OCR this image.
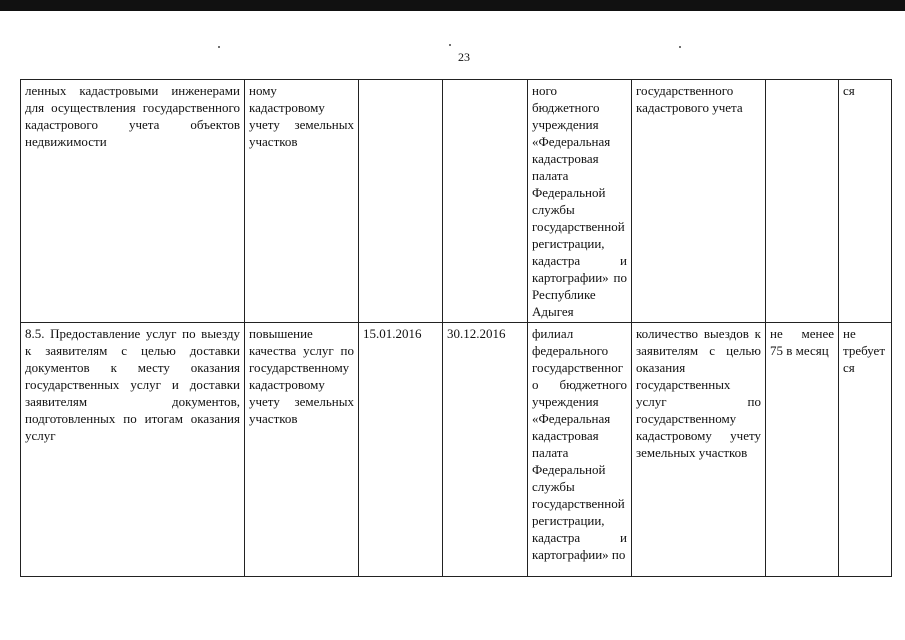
23
ленных кадастровыми инженерами для осуществления государственного кадастрового учета объектов недвижимости	ному кадастровому учету земельных участков			ного бюджетного учреждения «Федеральная кадастровая палата Федеральной службы государственной регистрации, кадастра и картографии» по Республике Адыгея	государственного кадастрового учета		ся
8.5. Предоставление услуг по выезду к заявителям с целью доставки документов к месту оказания государственных услуг и доставки заявителям документов, подготовленных по итогам оказания услуг	повышение качества услуг по государственному кадастровому учету земельных участков	15.01.2016	30.12.2016	филиал федерального государственного бюджетного учреждения «Федеральная кадастровая палата Федеральной службы государственной регистрации, кадастра и картографии» по	количество выездов к заявителям с целью оказания государственных услуг по государственному кадастровому учету земельных участков	не менее 75 в месяц	не требуется
